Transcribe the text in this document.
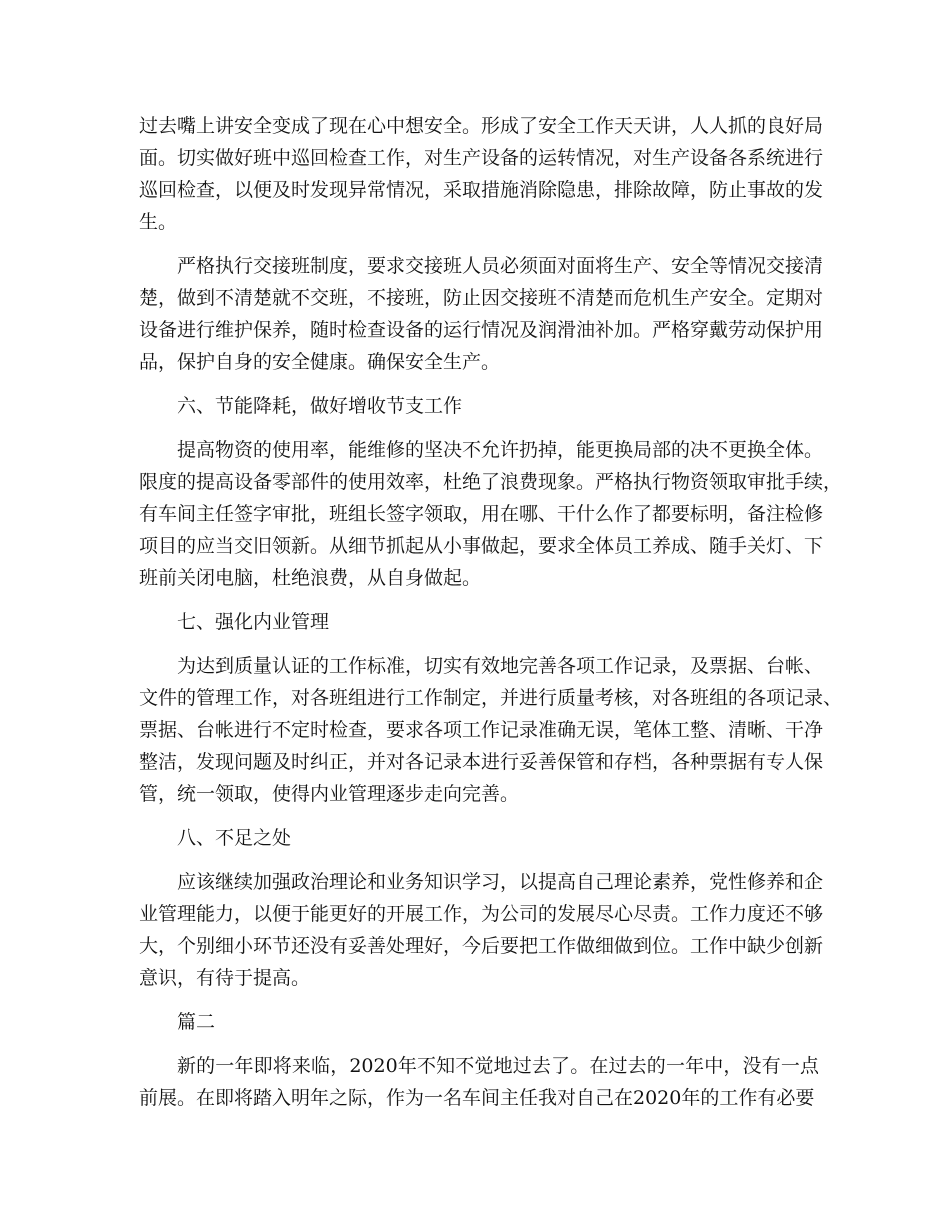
过去嘴上讲安全变成了现在心中想安全。形成了安全工作天天讲，人人抓的良好局
面。切实做好班中巡回检查工作，对生产设备的运转情况，对生产设备各系统进行
巡回检查，以便及时发现异常情况，采取措施消除隐患，排除故障，防止事故的发
生。
严格执行交接班制度，要求交接班人员必须面对面将生产、安全等情况交接清
楚，做到不清楚就不交班，不接班，防止因交接班不清楚而危机生产安全。定期对
设备进行维护保养，随时检查设备的运行情况及润滑油补加。严格穿戴劳动保护用
品，保护自身的安全健康。确保安全生产。
六、节能降耗，做好增收节支工作
提高物资的使用率，能维修的坚决不允许扔掉，能更换局部的决不更换全体。
限度的提高设备零部件的使用效率，杜绝了浪费现象。严格执行物资领取审批手续，
有车间主任签字审批，班组长签字领取，用在哪、干什么作了都要标明，备注检修
项目的应当交旧领新。从细节抓起从小事做起，要求全体员工养成、随手关灯、下
班前关闭电脑，杜绝浪费，从自身做起。
七、强化内业管理
为达到质量认证的工作标准，切实有效地完善各项工作记录，及票据、台帐、
文件的管理工作，对各班组进行工作制定，并进行质量考核，对各班组的各项记录、
票据、台帐进行不定时检查，要求各项工作记录准确无误，笔体工整、清晰、干净
整洁，发现问题及时纠正，并对各记录本进行妥善保管和存档，各种票据有专人保
管，统一领取，使得内业管理逐步走向完善。
八、不足之处
应该继续加强政治理论和业务知识学习，以提高自己理论素养，党性修养和企
业管理能力，以便于能更好的开展工作，为公司的发展尽心尽责。工作力度还不够
大，个别细小环节还没有妥善处理好，今后要把工作做细做到位。工作中缺少创新
意识，有待于提高。
篇二
新的一年即将来临，2020年不知不觉地过去了。在过去的一年中，没有一点
前展。在即将踏入明年之际，作为一名车间主任我对自己在2020年的工作有必要
